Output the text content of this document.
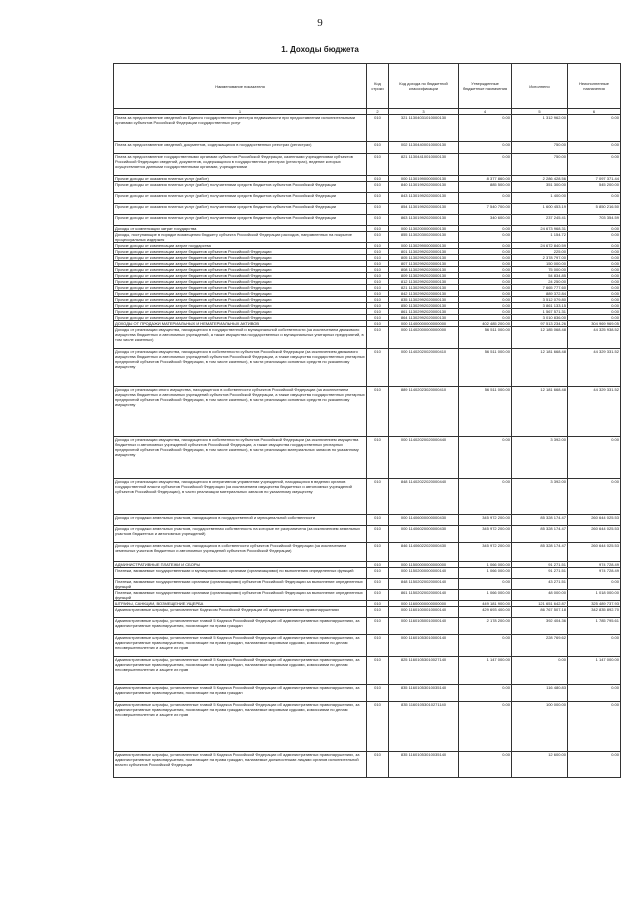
9
1. Доходы бюджета
Наименование показателя	Код строки	Код дохода по бюджетной классификации	Утвержденные бюджетные назначения	Исполнено	Неисполненные назначения
1	2	3	4	5	6
Плата за предоставление сведений из Единого государственного реестра недвижимости при предоставлении исполнительными органами субъектов Российской Федерации государственных услуг	010	321 11304031010000130	0.00	1 312 962.00	0.00
Плата за предоставление сведений, документов, содержащихся в государственных реестрах (регистрах)	010	002 11304400010000130	0.00	750.00	0.00
Плата за предоставление государственными органами субъектов Российской Федерации, казенными учреждениями субъектов Российской Федерации сведений, документов, содержащихся в государственных реестрах (регистрах), ведение которых осуществляется данными государственными органами, учреждениями	010	821 11304410010000130	0.00	750.00	0.00
Прочие доходы от оказания платных услуг (работ)	010	000 11301990000000130	8 377 860.00	2 286 428.56	7 097 371.44
Прочие доходы от оказания платных услуг (работ) получателями средств бюджетов субъектов Российской Федерации	010	840 11301992020000130	885 500.00	351 300.00	545 200.00
Прочие доходы от оказания платных услуг (работ) получателями средств бюджетов субъектов Российской Федерации	010	843 11301992020000130	0.00	1 400.00	0.00
Прочие доходы от оказания платных услуг (работ) получателями средств бюджетов субъектов Российской Федерации	010	854 11301992020000130	7 540 700.00	1 600 453.19	5 850 216.50
Прочие доходы от оказания платных услуг (работ) получателями средств бюджетов субъектов Российской Федерации	010	863 11301992020000130	340 600.00	237 245.41	703 354.59
Доходы от компенсации затрат государства	010	000 11302000000000130	0.00	24 673 968.31	0.00
Доходы, поступающие в порядке возмещения бюджету субъекта Российской Федерации расходов, направленных на покрытие процессуальных издержек	010	855 11302030020000130	0.00	1 154.72	0.00
Прочие доходы от компенсации затрат государства	010	000 11302990000000130	0.00	24 672 840.59	0.00
Прочие доходы от компенсации затрат бюджетов субъектов Российской Федерации	010	801 11302992020000130	0.00	225.00	0.00
Прочие доходы от компенсации затрат бюджетов субъектов Российской Федерации	010	805 11302992020000130	0.00	2 378 797.00	0.00
Прочие доходы от компенсации затрат бюджетов субъектов Российской Федерации	010	807 11302992020000130	0.00	150 000.00	0.00
Прочие доходы от компенсации затрат бюджетов субъектов Российской Федерации	010	808 11302992020000130	0.00	75 000.00	0.00
Прочие доходы от компенсации затрат бюджетов субъектов Российской Федерации	010	809 11302992020000130	0.00	54 834.85	0.00
Прочие доходы от компенсации затрат бюджетов субъектов Российской Федерации	010	812 11302992020000130	0.00	24 250.00	0.00
Прочие доходы от компенсации затрат бюджетов субъектов Российской Федерации	010	821 11302992020000130	0.00	7 665 777.60	0.00
Прочие доходы от компенсации затрат бюджетов субъектов Российской Федерации	010	842 11302992020000130	0.00	889 372.84	0.00
Прочие доходы от компенсации затрат бюджетов субъектов Российской Федерации	010	835 11302992020000130	0.00	3 512 079.80	0.00
Прочие доходы от компенсации затрат бюджетов субъектов Российской Федерации	010	850 11302992020000130	0.00	3 861 133.15	0.00
Прочие доходы от компенсации затрат бюджетов субъектов Российской Федерации	010	861 11302992020000130	0.00	1 567 571.31	0.00
Прочие доходы от компенсации затрат бюджетов субъектов Российской Федерации	010	864 11302992020000130	0.00	3 010 836.00	0.00
ДОХОДЫ ОТ ПРОДАЖИ МАТЕРИАЛЬНЫХ И НЕМАТЕРИАЛЬНЫХ АКТИВОВ	010	000 11400000000000000	402 485 200.00	97 513 234.26	304 969 969.05
Доходы от реализации имущества, находящегося в государственной и муниципальной собственности (за исключением движимого имущества бюджетных и автономных учреждений, а также имущества государственных и муниципальных унитарных предприятий, в том числе казенных)	010	000 11402000000000000	56 511 000.00	12 185 068.48	44 325 938.52
Доходы от реализации имущества, находящегося в собственности субъектов Российской Федерации (за исключением движимого имущества бюджетных и автономных учреждений субъектов Российской Федерации, а также имущества государственных унитарных предприятий субъектов Российской Федерации, в том числе казенных), в части реализации основных средств по указанному имуществу	010	000 11402020020000410	56 511 000.00	12 181 668.48	44 329 331.52
Доходы от реализации иного имущества, находящегося в собственности субъектов Российской Федерации (за исключением имущества бюджетных и автономных учреждений субъектов Российской Федерации, а также имущества государственных унитарных предприятий субъектов Российской Федерации, в том числе казенных), в части реализации основных средств по указанному имуществу	010	889 11402023020000410	56 511 000.00	12 181 668.48	44 329 331.52
Доходы от реализации имущества, находящегося в собственности субъектов Российской Федерации (за исключением имущества бюджетных и автономных учреждений субъектов Российской Федерации, а также имущества государственных унитарных предприятий субъектов Российской Федерации, в том числе казенных), в части реализации материальных запасов по указанному имуществу	010	000 11402020020000440	0.00	3 392.00	0.00
Доходы от реализации имущества, находящегося в оперативном управлении учреждений, находящихся в ведении органов государственной власти субъектов Российской Федерации (за исключением имущества бюджетных и автономных учреждений субъектов Российской Федерации), в части реализации материальных запасов по указанному имуществу	010	848 11402022020000440	0.00	3 392.00	0.00
Доходы от продажи земельных участков, находящихся в государственной и муниципальной собственности	010	000 11406000000000430	345 972 200.00	85 328 174.47	260 644 025.53
Доходы от продажи земельных участков, государственная собственность на которые не разграничена (за исключением земельных участков бюджетных и автономных учреждений)	010	000 11406020000000430	345 972 200.00	85 328 174.47	260 644 025.53
Доходы от продажи земельных участков, находящихся в собственности субъектов Российской Федерации (за исключением земельных участков бюджетных и автономных учреждений субъектов Российской Федерации)	010	846 11406022020000430	345 972 200.00	85 328 174.47	260 644 025.53
АДМИНИСТРАТИВНЫЕ ПЛАТЕЖИ И СБОРЫ	010	000 11500000000000000	1 066 000.00	91 271.51	974 728.49
Платежи, взимаемые государственными и муниципальными органами (организациями) по выполнению определенных функций	010	000 11502000000000140	1 066 000.00	91 271.51	974 728.49
Платежи, взимаемые государственными органами (организациями) субъектов Российской Федерации за выполнение определенных функций	010	848 11502020020000140	0.00	43 271.51	0.00
Платежи, взимаемые государственными органами (организациями) субъектов Российской Федерации за выполнение определенных функций	010	861 11502020020000140	1 066 000.00	48 000.00	1 018 000.00
ШТРАФЫ, САНКЦИИ, ВОЗМЕЩЕНИЕ УЩЕРБА	010	000 11600000000000000	449 181 900.00	121 651 642.87	325 489 737.93
Административные штрафы, установленные Кодексом Российской Федерации об административных правонарушениях	010	000 11601000010000140	429 693 400.00	86 767 507.18	342 835 892.70
Административные штрафы, установленные главой 5 Кодекса Российской Федерации об административных правонарушениях, за административные правонарушения, посягающие на права граждан	010	000 11601050010000140	2 178 200.00	392 404.36	1 785 795.61
Административные штрафы, установленные главой 5 Кодекса Российской Федерации об административных правонарушениях, за административные правонарушения, посягающие на права граждан, налагаемые мировыми судьями, комиссиями по делам несовершеннолетних и защите их прав	010	000 11601053010000140	0.00	228 769.62	0.00
Административные штрафы, установленные главой 5 Кодекса Российской Федерации об административных правонарушениях, за административные правонарушения, посягающие на права граждан, налагаемые мировыми судьями, комиссиями по делам несовершеннолетних и защите их прав	010	825 11601053010027140	1 147 000.00	0.00	1 147 000.00
Административные штрафы, установленные главой 5 Кодекса Российской Федерации об административных правонарушениях, за административные правонарушения, посягающие на права граждан	010	835 11601053010035140	0.00	116 480.83	0.00
Административные штрафы, установленные главой 5 Кодекса Российской Федерации об административных правонарушениях, за административные правонарушения, посягающие на права граждан, налагаемые мировыми судьями, комиссиями по делам несовершеннолетних и защите их прав	010	835 11601053010271140	0.00	100 000.00	0.00
Административные штрафы, установленные главой 5 Кодекса Российской Федерации об административных правонарушениях, за административные правонарушения, посягающие на права граждан, налагаемые должностными лицами органов исполнительной власти субъектов Российской Федерации	010	835 11601053010035140	0.00	12 600.00	0.00
